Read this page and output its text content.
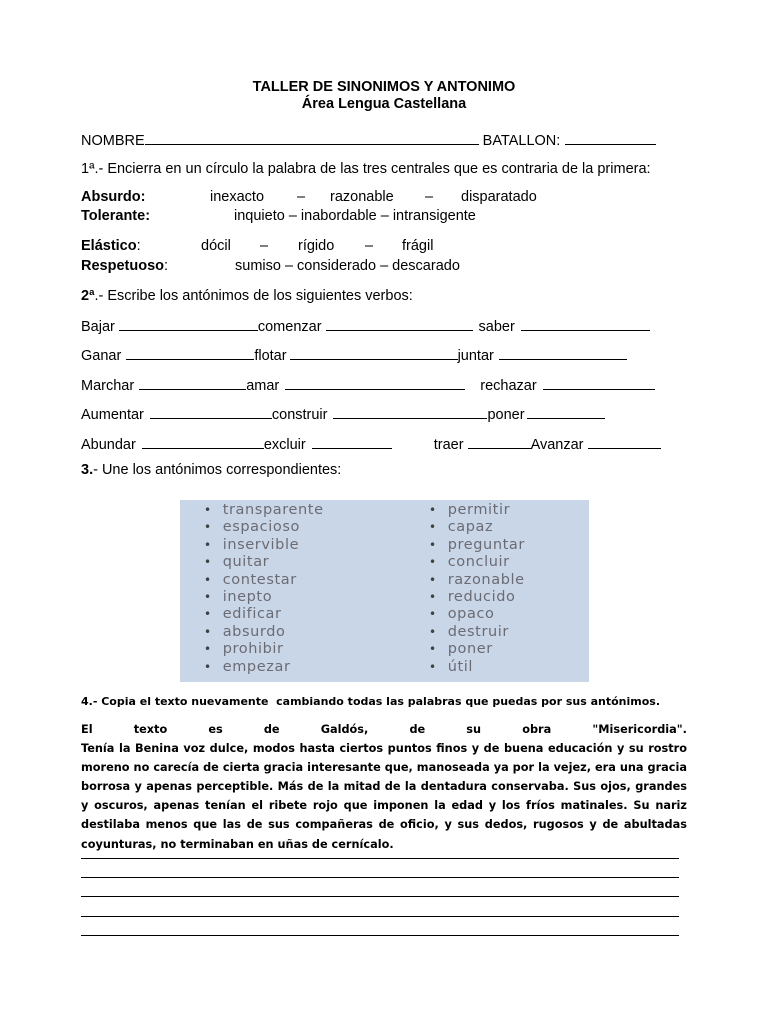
TALLER DE SINONIMOS Y ANTONIMO
Área Lengua Castellana
NOMBRE	BATALLON:
1ª.- Encierra en un círculo la palabra de las tres centrales que es contraria de la primera:
Absurdo:	inexacto – razonable – disparatado
Tolerante:	inquieto – inabordable – intransigente
Elástico:	dócil – rígido – frágil
Respetuoso:	sumiso – considerado – descarado
2ª.- Escribe los antónimos de los siguientes verbos:
Bajar	comenzar	saber
Ganar	flotar	juntar
Marchar	amar	rechazar
Aumentar	construir	poner
Abundar	excluir	traer	Avanzar
3.- Une los antónimos correspondientes:
• transparente
• espacioso
• inservible
• quitar
• contestar
• inepto
• edificar
• absurdo
• prohibir
• empezar
• permitir
• capaz
• preguntar
• concluir
• razonable
• reducido
• opaco
• destruir
• poner
• útil
4.- Copia el texto nuevamente  cambiando todas las palabras que puedas por sus antónimos.
El	texto	es	de	Galdós,	de	su	obra	"Misericordia".
Tenía la Benina voz dulce, modos hasta ciertos puntos finos y de buena educación y su rostro moreno no carecía de cierta gracia interesante que, manoseada ya por la vejez, era una gracia borrosa y apenas perceptible. Más de la mitad de la dentadura conservaba. Sus ojos, grandes y oscuros, apenas tenían el ribete rojo que imponen la edad y los fríos matinales. Su nariz destilaba menos que las de sus compañeras de oficio, y sus dedos, rugosos y de abultadas coyunturas, no terminaban en uñas de cernícalo.
